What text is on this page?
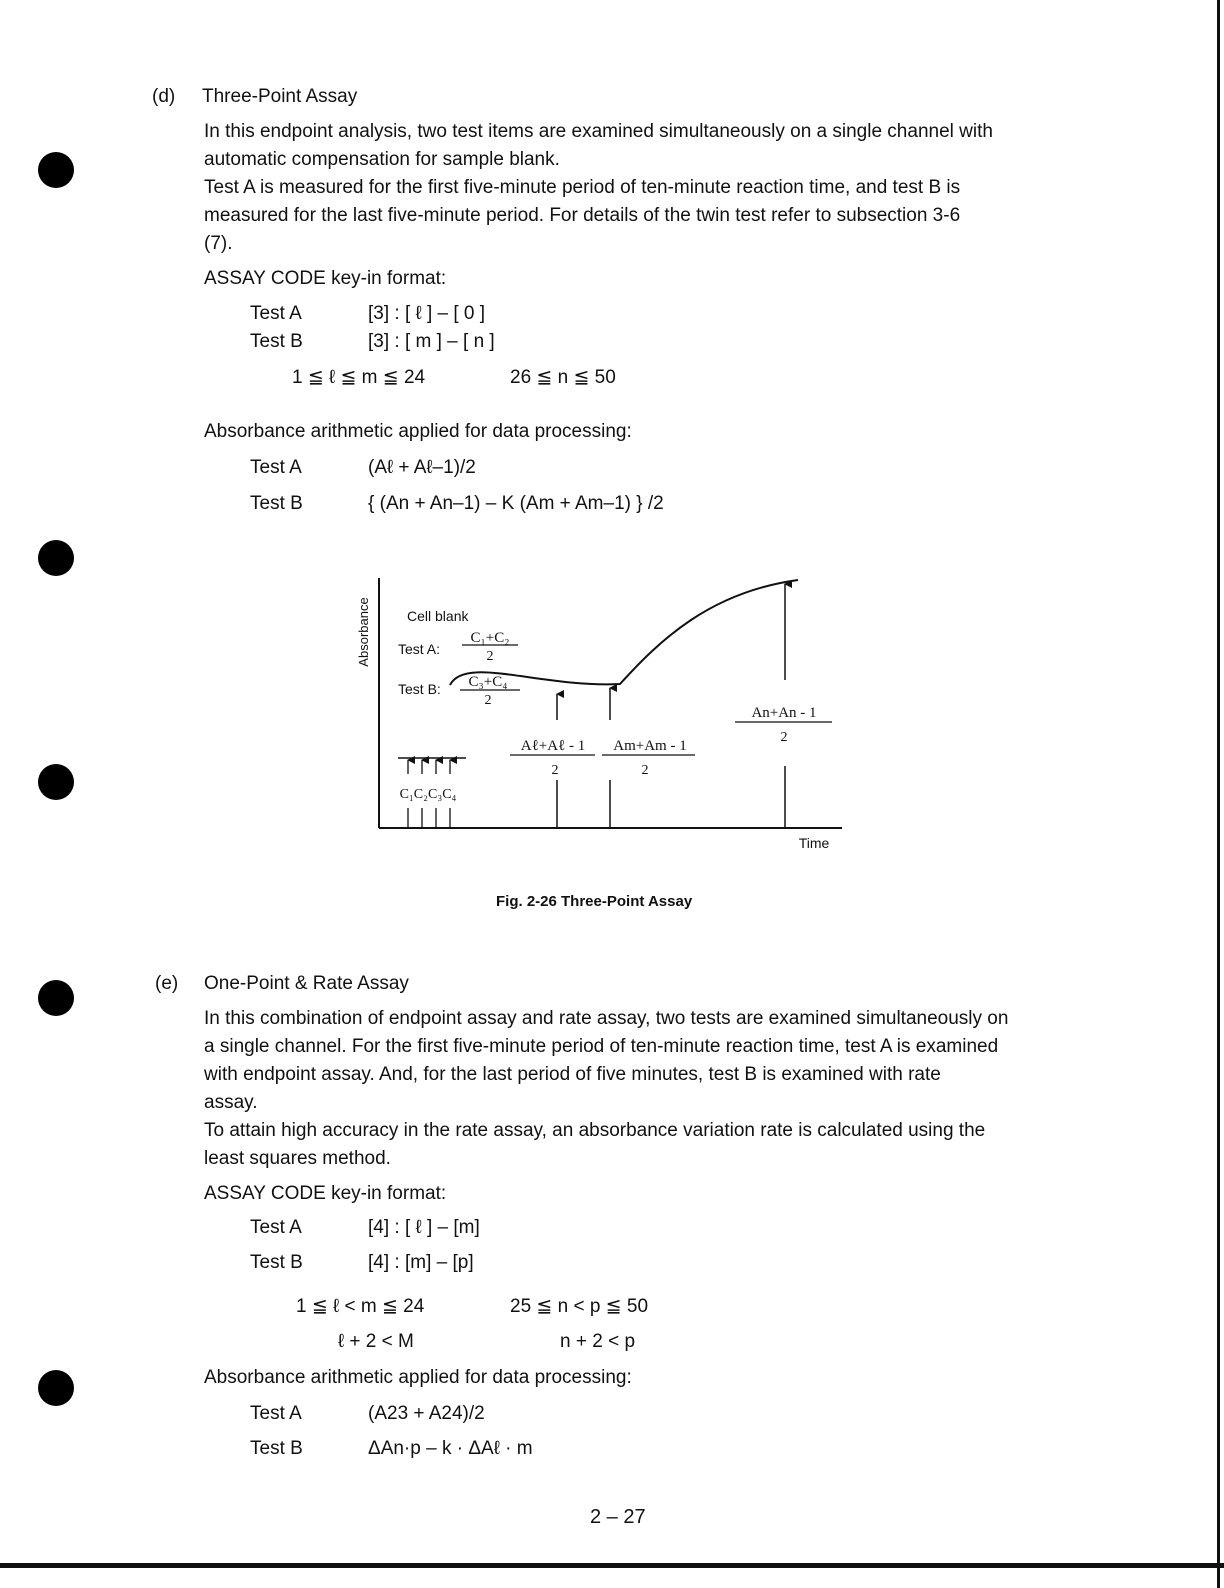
(d) Three-Point Assay
In this endpoint analysis, two test items are examined simultaneously on a single channel with
automatic compensation for sample blank.
Test A is measured for the first five-minute period of ten-minute reaction time, and test B is
measured for the last five-minute period. For details of the twin test refer to subsection 3-6
(7).
ASSAY CODE key-in format:
Test A	[3] : [ ℓ ] – [ 0 ]
Test B	[3] : [ m ] – [ n ]
1 ≦ ℓ ≦ m ≦ 24	26 ≦ n ≦ 50
Absorbance arithmetic applied for data processing:
Test A	(Aℓ + Aℓ–1)/2
Test B	{ (An + An–1) – K (Am + Am–1) } /2
Absorbance
Time
Cell blank
Test A:
C₁+C₂
2
Test B: C₃+C₄
2
Aℓ+Aℓ - 1
2
Am+Am - 1
2
An+An - 1
2
C₁C₂C₃C₄
Fig. 2-26 Three-Point Assay
(e) One-Point & Rate Assay
In this combination of endpoint assay and rate assay, two tests are examined simultaneously on
a single channel. For the first five-minute period of ten-minute reaction time, test A is examined
with endpoint assay. And, for the last period of five minutes, test B is examined with rate
assay.
To attain high accuracy in the rate assay, an absorbance variation rate is calculated using the
least squares method.
ASSAY CODE key-in format:
Test A	[4] : [ ℓ ] – [m]
Test B	[4] : [m] – [p]
1 ≦ ℓ < m ≦ 24	25 ≦ n < p ≦ 50
ℓ + 2 < M	n + 2 < p
Absorbance arithmetic applied for data processing:
Test A	(A23 + A24)/2
Test B	ΔAn·p – k · ΔAℓ · m
2 – 27
